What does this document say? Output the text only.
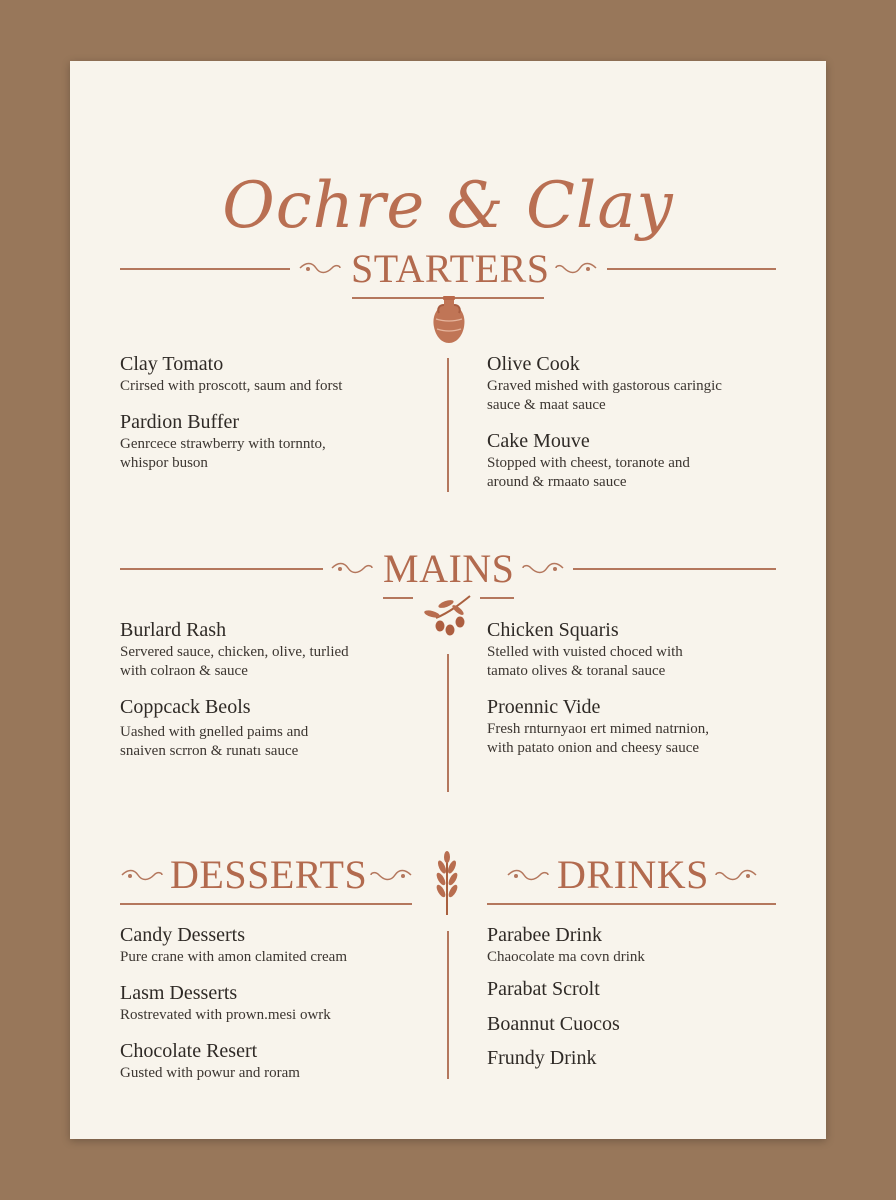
Ochre & Clay
STARTERS
Clay Tomato
Crirsed with proscott, saum and forst
Pardion Buffer
Genrcece strawberry with tornnto,
whispor buson
Olive Cook
Graved mished with gastorous caringic
sauce & maat sauce
Cake Mouve
Stopped with cheest, toranote and
around & rmaato sauce
MAINS
Burlard Rash
Servered sauce, chicken, olive, turlied
with colraon & sauce
Coppcack Beols
Uashed with gnelled paims and
snaiven scrron & runatı sauce
Chicken Squaris
Stelled with vuisted choced with
tamato olives & toranal sauce
Proennic Vide
Fresh rnturnyaoɪ ert mimed natrnion,
with patato onion and cheesy sauce
DESSERTS	DRINKS
Candy Desserts
Pure crane with amon clamited cream
Lasm Desserts
Rostrevated with prown.mesi owrk
Chocolate Resert
Gusted with powur and roram
Parabee Drink
Chaocolate ma covn drink
Parabat Scrolt
Boannut Cuocos
Frundy Drink
